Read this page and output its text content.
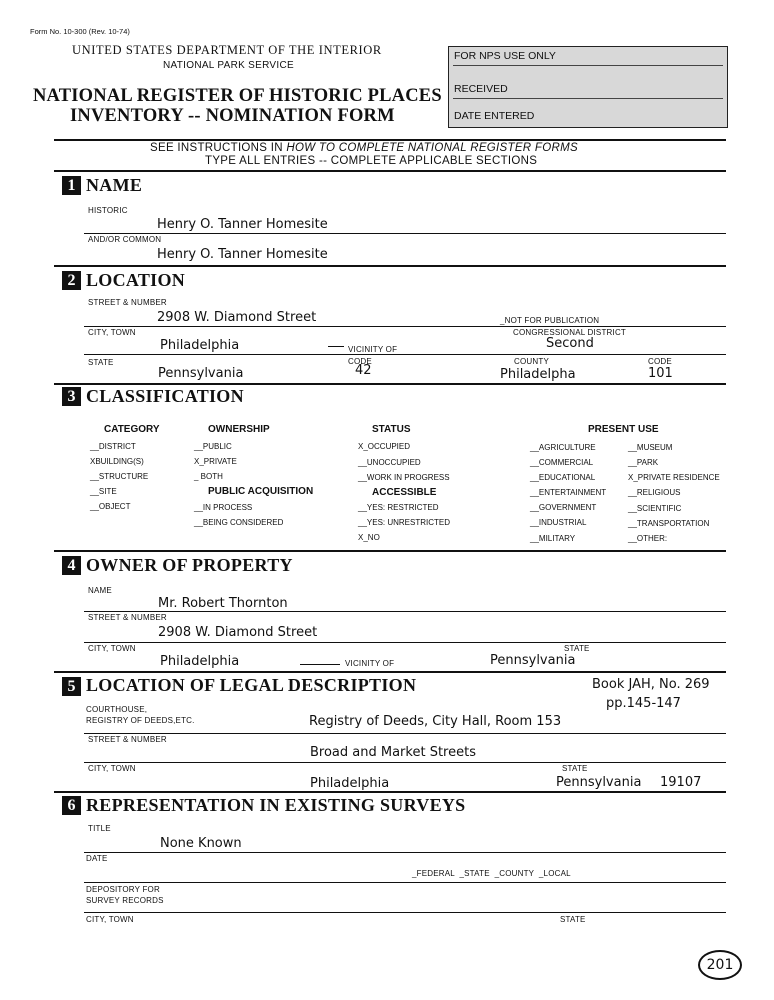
Form No. 10-300 (Rev. 10-74)
UNITED STATES DEPARTMENT OF THE INTERIOR
NATIONAL PARK SERVICE
NATIONAL REGISTER OF HISTORIC PLACES
INVENTORY -- NOMINATION FORM
FOR NPS USE ONLY
RECEIVED
DATE ENTERED
SEE INSTRUCTIONS IN HOW TO COMPLETE NATIONAL REGISTER FORMS
TYPE ALL ENTRIES -- COMPLETE APPLICABLE SECTIONS
1 NAME
HISTORIC
Henry O. Tanner Homesite
AND/OR COMMON
Henry O. Tanner Homesite
2 LOCATION
STREET & NUMBER
2908 W. Diamond Street	_NOT FOR PUBLICATION
CITY, TOWN	CONGRESSIONAL DISTRICT
Philadelphia	VICINITY OF	Second
STATE	CODE	COUNTY	CODE
Pennsylvania	42	Philadelpha	101
3 CLASSIFICATION
CATEGORY
__DISTRICT
XBUILDING(S)
__STRUCTURE
__SITE
__OBJECT
OWNERSHIP
__PUBLIC
X_PRIVATE
_ BOTH
PUBLIC ACQUISITION
__IN PROCESS
__BEING CONSIDERED
STATUS
X_OCCUPIED
__UNOCCUPIED
__WORK IN PROGRESS
ACCESSIBLE
__YES: RESTRICTED
__YES: UNRESTRICTED
X_NO
PRESENT USE
__AGRICULTURE
__COMMERCIAL
__EDUCATIONAL
__ENTERTAINMENT
__GOVERNMENT
__INDUSTRIAL
__MILITARY
__MUSEUM
__PARK
X_PRIVATE RESIDENCE
__RELIGIOUS
__SCIENTIFIC
__TRANSPORTATION
__OTHER:
4 OWNER OF PROPERTY
NAME
Mr. Robert Thornton
STREET & NUMBER
2908 W. Diamond Street
CITY, TOWN	STATE
Philadelphia	VICINITY OF	Pennsylvania
5 LOCATION OF LEGAL DESCRIPTION	Book JAH, No. 269
pp.145-147
COURTHOUSE,
REGISTRY OF DEEDS,ETC.	Registry of Deeds, City Hall, Room 153
STREET & NUMBER
Broad and Market Streets
CITY, TOWN	STATE
Philadelphia	Pennsylvania 19107
6 REPRESENTATION IN EXISTING SURVEYS
TITLE
None Known
DATE
_FEDERAL  _STATE  _COUNTY  _LOCAL
DEPOSITORY FOR
SURVEY RECORDS
CITY, TOWN	STATE
201
